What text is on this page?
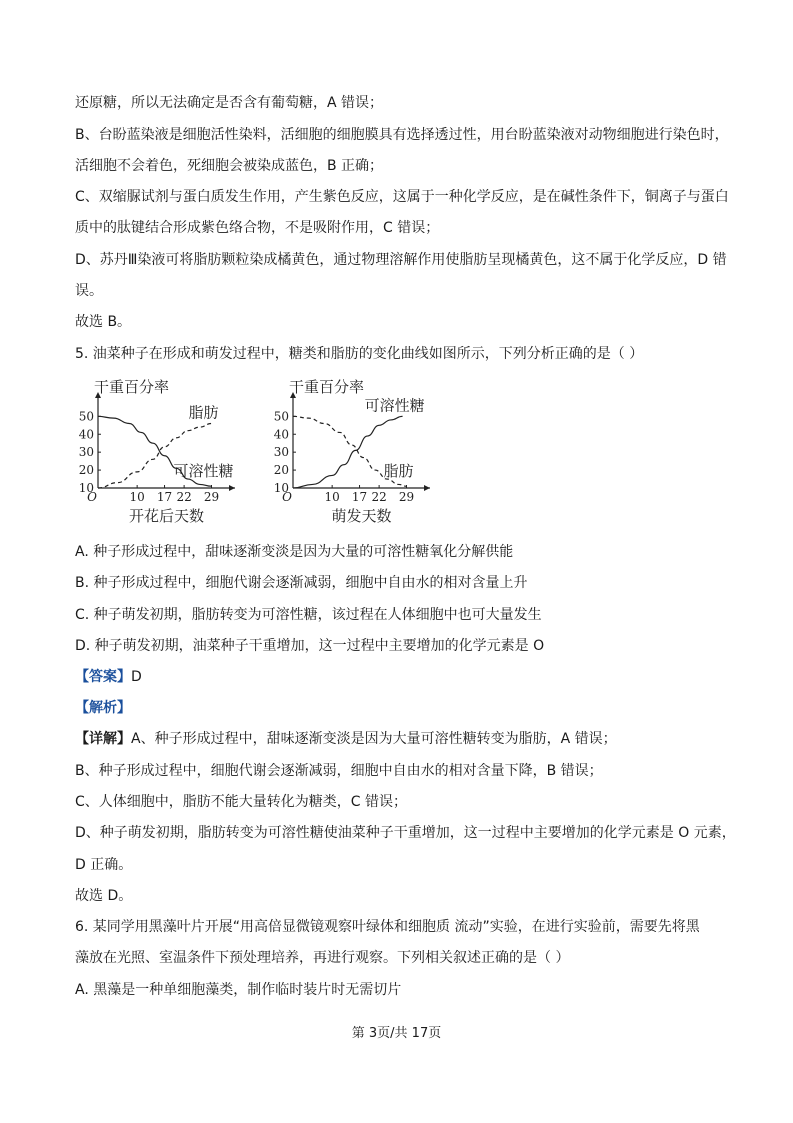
还原糖，所以无法确定是否含有葡萄糖，A 错误；
B、台盼蓝染液是细胞活性染料，活细胞的细胞膜具有选择透过性，用台盼蓝染液对动物细胞进行染色时，
活细胞不会着色，死细胞会被染成蓝色，B 正确；
C、双缩脲试剂与蛋白质发生作用，产生紫色反应，这属于一种化学反应，是在碱性条件下，铜离子与蛋白
质中的肽键结合形成紫色络合物，不是吸附作用，C 错误；
D、苏丹Ⅲ染液可将脂肪颗粒染成橘黄色，通过物理溶解作用使脂肪呈现橘黄色，这不属于化学反应，D 错
误。
故选 B。
5. 油菜种子在形成和萌发过程中，糖类和脂肪的变化曲线如图所示，下列分析正确的是（ ）
干重百分率
10
20
30
40
50
10 17 22 29
O
开花后天数
脂肪
可溶性糖
干重百分率
10
20
30
40
50
10 17 22 29
O
萌发天数
可溶性糖
脂肪
A. 种子形成过程中，甜味逐渐变淡是因为大量的可溶性糖氧化分解供能
B. 种子形成过程中，细胞代谢会逐渐减弱，细胞中自由水的相对含量上升
C. 种子萌发初期，脂肪转变为可溶性糖，该过程在人体细胞中也可大量发生
D. 种子萌发初期，油菜种子干重增加，这一过程中主要增加的化学元素是 O
【答案】D
【解析】
【详解】A、种子形成过程中，甜味逐渐变淡是因为大量可溶性糖转变为脂肪，A 错误；
B、种子形成过程中，细胞代谢会逐渐减弱，细胞中自由水的相对含量下降，B 错误；
C、人体细胞中，脂肪不能大量转化为糖类，C 错误；
D、种子萌发初期，脂肪转变为可溶性糖使油菜种子干重增加，这一过程中主要增加的化学元素是 O 元素，
D 正确。
故选 D。
6. 某同学用黑藻叶片开展“用高倍显微镜观察叶绿体和细胞质 流动”实验，在进行实验前，需要先将黑
藻放在光照、室温条件下预处理培养，再进行观察。下列相关叙述正确的是（ ）
A. 黑藻是一种单细胞藻类，制作临时装片时无需切片
第 3页/共 17页
